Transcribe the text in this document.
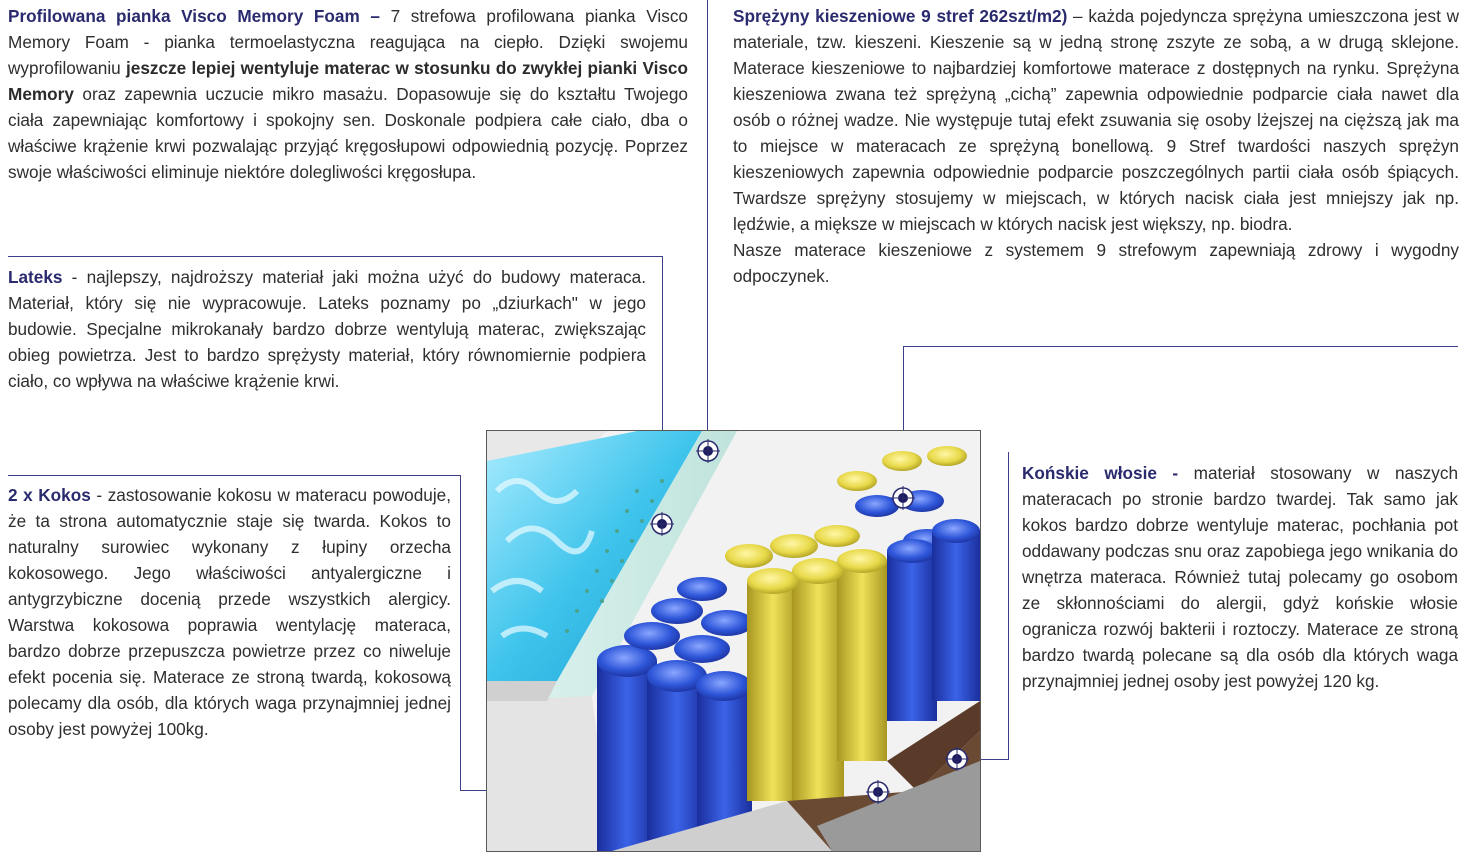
Profilowana pianka Visco Memory Foam – 7 strefowa profilowana pianka Visco Memory Foam - pianka termoelastyczna reagująca na ciepło. Dzięki swojemu wyprofilowaniu jeszcze lepiej wentyluje materac w stosunku do zwykłej pianki Visco Memory oraz zapewnia uczucie mikro masażu. Dopasowuje się do kształtu Twojego ciała zapewniając komfortowy i spokojny sen. Doskonale podpiera całe ciało, dba o właściwe krążenie krwi pozwalając przyjąć kręgosłupowi odpowiednią pozycję. Poprzez swoje właściwości eliminuje niektóre dolegliwości kręgosłupa.
Lateks - najlepszy, najdroższy materiał jaki można użyć do budowy materaca. Materiał, który się nie wypracowuje. Lateks poznamy po „dziurkach" w jego budowie. Specjalne mikrokanały bardzo dobrze wentylują materac, zwiększając obieg powietrza. Jest to bardzo sprężysty materiał, który równomiernie podpiera ciało, co wpływa na właściwe krążenie krwi.
2 x Kokos - zastosowanie kokosu w materacu powoduje, że ta strona automatycznie staje się twarda. Kokos to naturalny surowiec wykonany z łupiny orzecha kokosowego. Jego właściwości antyalergiczne i antygrzybiczne docenią przede wszystkich alergicy. Warstwa kokosowa poprawia wentylację materaca, bardzo dobrze przepuszcza powietrze przez co niweluje efekt pocenia się. Materace ze stroną twardą, kokosową polecamy dla osób, dla których waga przynajmniej jednej osoby jest powyżej 100kg.
Sprężyny kieszeniowe 9 stref 262szt/m2) – każda pojedyncza sprężyna umieszczona jest w materiale, tzw. kieszeni. Kieszenie są w jedną stronę zszyte ze sobą, a w drugą sklejone. Materace kieszeniowe to najbardziej komfortowe materace z dostępnych na rynku. Sprężyna kieszeniowa zwana też sprężyną „cichą” zapewnia odpowiednie podparcie ciała nawet dla osób o różnej wadze. Nie występuje tutaj efekt zsuwania się osoby lżejszej na cięższą jak ma to miejsce w materacach ze sprężyną bonellową. 9 Stref twardości naszych sprężyn kieszeniowych zapewnia odpowiednie podparcie poszczególnych partii ciała osób śpiących. Twardsze sprężyny stosujemy w miejscach, w których nacisk ciała jest mniejszy jak np. lędźwie, a miększe w miejscach w których nacisk jest większy, np. biodra.
Nasze materace kieszeniowe z systemem 9 strefowym zapewniają zdrowy i wygodny odpoczynek.
Końskie włosie - materiał stosowany w naszych materacach po stronie bardzo twardej. Tak samo jak kokos bardzo dobrze wentyluje materac, pochłania pot oddawany podczas snu oraz zapobiega jego wnikania do wnętrza materaca. Również tutaj polecamy go osobom ze skłonnościami do alergii, gdyż końskie włosie ogranicza rozwój bakterii i roztoczy. Materace ze stroną bardzo twardą polecane są dla osób dla których waga przynajmniej jednej osoby jest powyżej 120 kg.
